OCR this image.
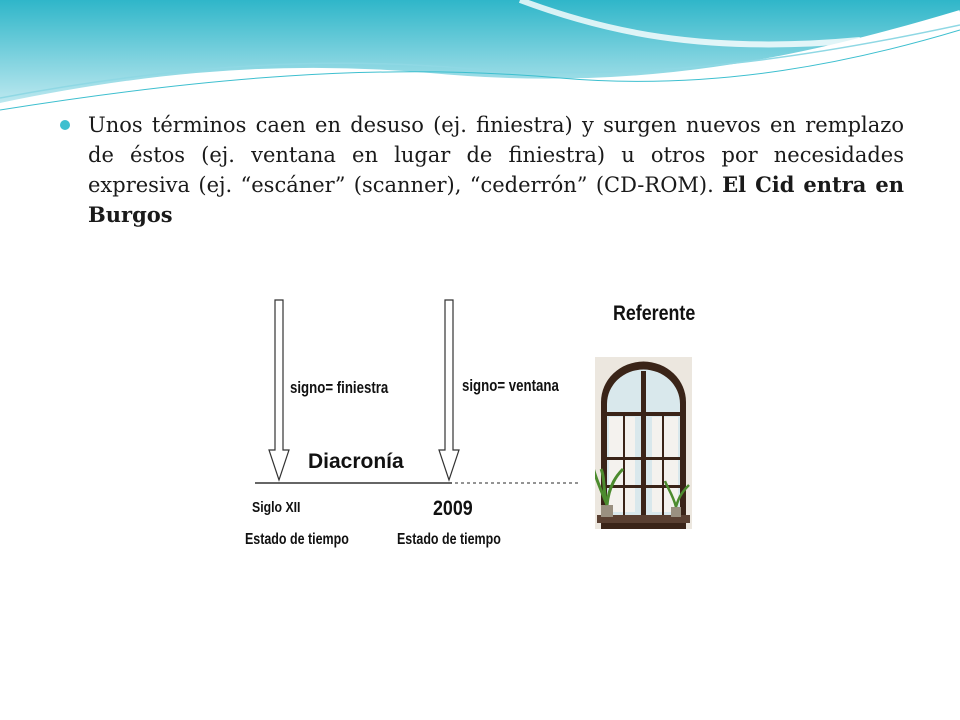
Unos términos caen en desuso (ej. finiestra) y surgen nuevos en remplazo de éstos (ej. ventana en lugar de finiestra) u otros por necesidades expresiva (ej. “escáner” (scanner), “cederrón” (CD-ROM). El Cid entra en Burgos
Referente
signo= finiestra	signo= ventana
Diacronía
Siglo XII	2009
Estado de tiempo	Estado de tiempo
